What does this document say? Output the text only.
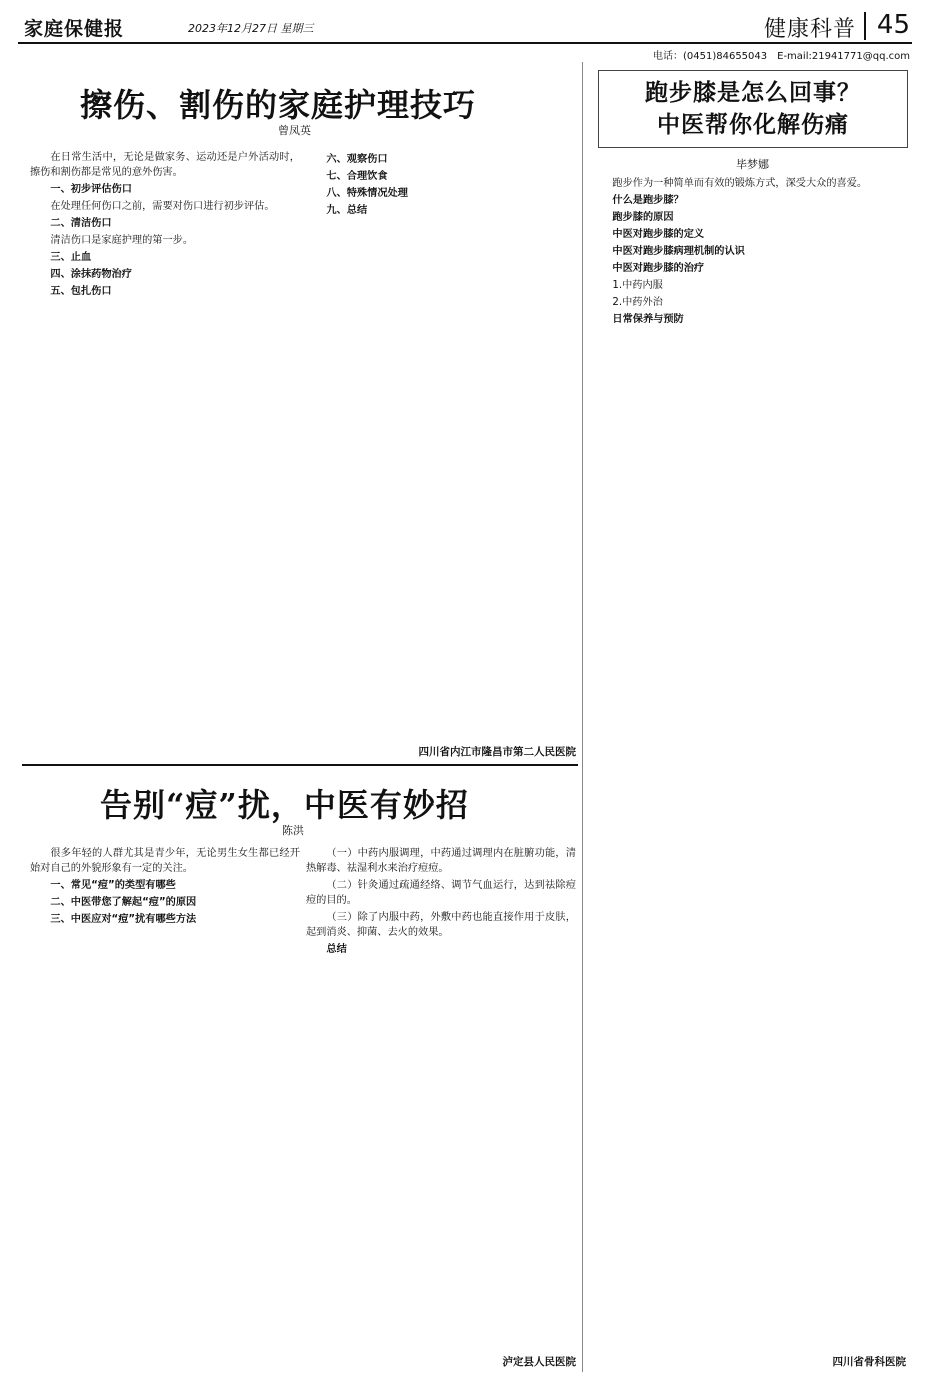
家庭保健报	2023年12月27日 星期三	健康科普 45
电话：(0451)84655043　E-mail:21941771@qq.com
擦伤、割伤的家庭护理技巧
曾凤英

在日常生活中，无论是做家务、运动还是户外活动时，擦伤和割伤都是常见的意外伤害。

一、初步评估伤口

在处理任何伤口之前，需要对伤口进行初步评估。

二、清洁伤口

清洁伤口是家庭护理的第一步。

三、止血
四、涂抹药物治疗
五、包扎伤口
六、观察伤口
七、合理饮食
八、特殊情况处理
九、总结
四川省内江市隆昌市第二人民医院
告别“痘”扰，中医有妙招
陈洪

很多年轻的人群尤其是青少年，无论男生女生都已经开始对自己的外貌形象有一定的关注。

一、常见“痘”的类型有哪些
二、中医带您了解起“痘”的原因
三、中医应对“痘”扰有哪些方法

（一）中药内服调理，中药通过调理内在脏腑功能，清热解毒、祛湿利水来治疗痘痘。

（二）针灸通过疏通经络、调节气血运行，达到祛除痘痘的目的。

（三）除了内服中药，外敷中药也能直接作用于皮肤，起到消炎、抑菌、去火的效果。

总结
泸定县人民医院
跑步膝是怎么回事？
中医帮你化解伤痛
毕梦娜

跑步作为一种简单而有效的锻炼方式，深受大众的喜爱。

什么是跑步膝？
跑步膝的原因
中医对跑步膝的定义
中医对跑步膝病理机制的认识
中医对跑步膝的治疗

1.中药内服

2.中药外治

日常保养与预防
四川省骨科医院
